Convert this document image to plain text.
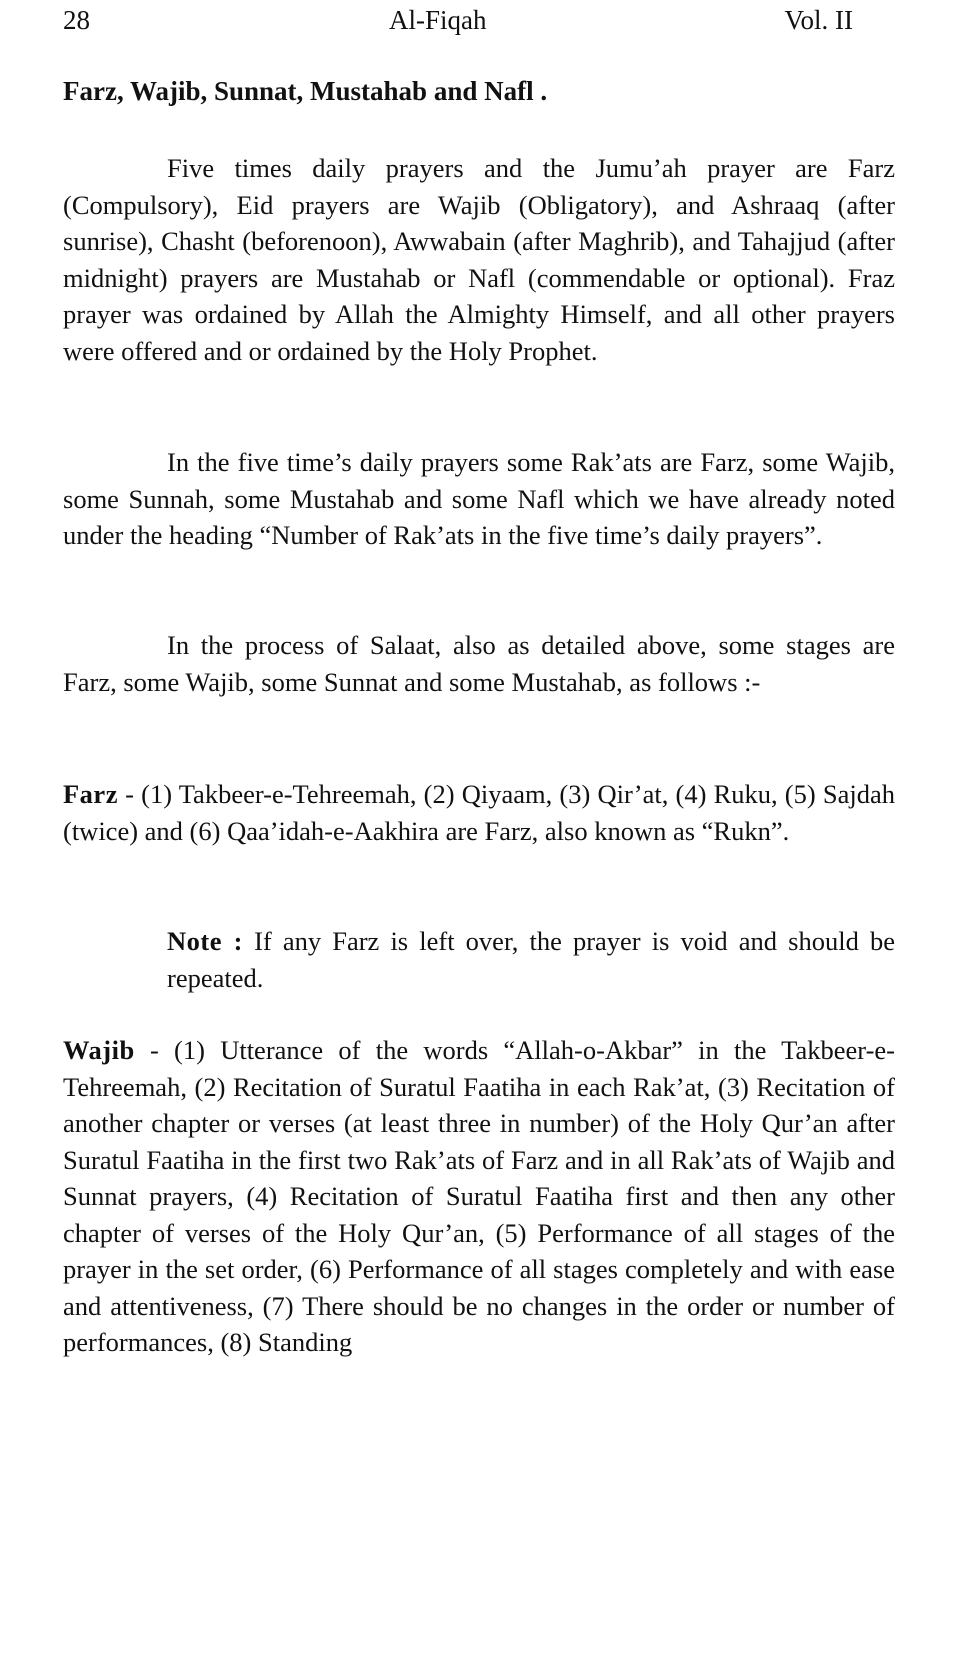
28	Al-Fiqah	Vol. II
Farz, Wajib, Sunnat, Mustahab and Nafl .

Five times daily prayers and the Jumu’ah prayer are Farz (Compulsory), Eid prayers are Wajib (Obligatory), and Ashraaq (after sunrise), Chasht (beforenoon), Awwabain (after Maghrib), and Tahajjud (after midnight) prayers are Mustahab or Nafl (commendable or optional). Fraz prayer was ordained by Allah the Almighty Himself, and all other prayers were offered and or ordained by the Holy Prophet.

In the five time’s daily prayers some Rak’ats are Farz, some Wajib, some Sunnah, some Mustahab and some Nafl which we have already noted under the heading “Number of Rak’ats in the five time’s daily prayers”.

In the process of Salaat, also as detailed above, some stages are Farz, some Wajib, some Sunnat and some Mustahab, as follows :-

Farz - (1) Takbeer-e-Tehreemah, (2) Qiyaam, (3) Qir’at, (4) Ruku, (5) Sajdah (twice) and (6) Qaa’idah-e-Aakhira are Farz, also known as “Rukn”.

Note : If any Farz is left over, the prayer is void and should be repeated.

Wajib - (1) Utterance of the words “Allah-o-Akbar” in the Takbeer-e-Tehreemah, (2) Recitation of Suratul Faatiha in each Rak’at, (3) Recitation of another chapter or verses (at least three in number) of the Holy Qur’an after Suratul Faatiha in the first two Rak’ats of Farz and in all Rak’ats of Wajib and Sunnat prayers, (4) Recitation of Suratul Faatiha first and then any other chapter of verses of the Holy Qur’an, (5) Performance of all stages of the prayer in the set order, (6) Performance of all stages completely and with ease and attentiveness, (7) There should be no changes in the order or number of performances, (8) Standing
